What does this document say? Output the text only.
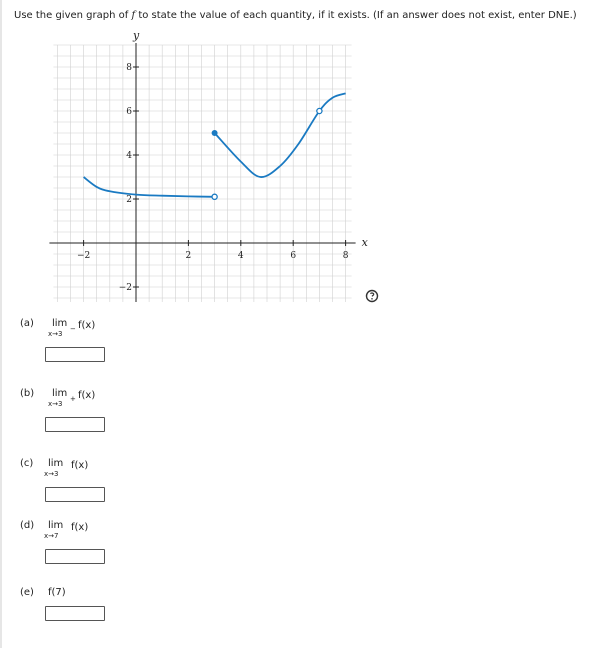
Use the given graph of f to state the value of each quantity, if it exists. (If an answer does not exist, enter DNE.)
−2	2	4	6	8
8
6
4
2
−2
x
y
(a) lim
x→3
− f(x)
(b) lim
x→3
+ f(x)
(c) lim
x→3
f(x)
(d) lim
x→7
f(x)
(e) f(7)
